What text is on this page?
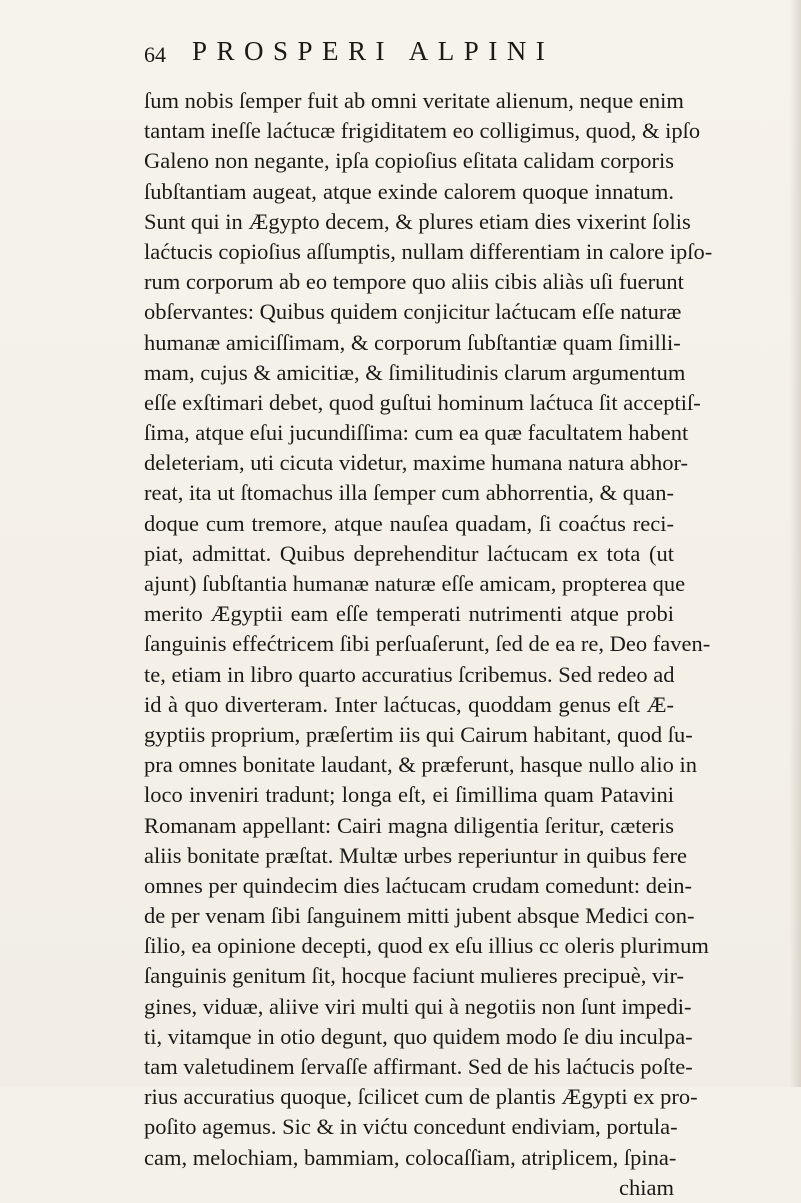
64 PROSPERI ALPINI
ſum nobis ſemper fuit ab omni veritate alienum, neque enim
tantam ineſſe laćtucæ frigiditatem eo colligimus, quod, & ipſo
Galeno non negante, ipſa copioſius eſitata calidam corporis
ſubſtantiam augeat, atque exinde calorem quoque innatum.
Sunt qui in Ægypto decem, & plures etiam dies vixerint ſolis
laćtucis copioſius aſſumptis, nullam differentiam in calore ipſo-
rum corporum ab eo tempore quo aliis cibis aliàs uſi fuerunt
obſervantes: Quibus quidem conjicitur laćtucam eſſe naturæ
humanæ amiciſſimam, & corporum ſubſtantiæ quam ſimilli-
mam, cujus & amicitiæ, & ſimilitudinis clarum argumentum
eſſe exſtimari debet, quod guſtui hominum laćtuca ſit acceptiſ-
ſima, atque eſui jucundiſſima: cum ea quæ facultatem habent
deleteriam, uti cicuta videtur, maxime humana natura abhor-
reat, ita ut ſtomachus illa ſemper cum abhorrentia, & quan-
doque cum tremore, atque nauſea quadam, ſi coaćtus reci-
piat, admittat. Quibus deprehenditur laćtucam ex tota (ut
ajunt) ſubſtantia humanæ naturæ eſſe amicam, propterea que
merito Ægyptii eam eſſe temperati nutrimenti atque probi
ſanguinis effećtricem ſibi perſuaſerunt, ſed de ea re, Deo faven-
te, etiam in libro quarto accuratius ſcribemus. Sed redeo ad
id à quo diverteram. Inter laćtucas, quoddam genus eſt Æ-
gyptiis proprium, præſertim iis qui Cairum habitant, quod ſu-
pra omnes bonitate laudant, & præferunt, hasque nullo alio in
loco inveniri tradunt; longa eſt, ei ſimillima quam Patavini
Romanam appellant: Cairi magna diligentia ſeritur, cæteris
aliis bonitate præſtat. Multæ urbes reperiuntur in quibus fere
omnes per quindecim dies laćtucam crudam comedunt: dein-
de per venam ſibi ſanguinem mitti jubent absque Medici con-
ſilio, ea opinione decepti, quod ex eſu illius cc oleris plurimum
ſanguinis genitum ſit, hocque faciunt mulieres precipuè, vir-
gines, viduæ, aliive viri multi qui à negotiis non ſunt impedi-
ti, vitamque in otio degunt, quo quidem modo ſe diu inculpa-
tam valetudinem ſervaſſe affirmant. Sed de his laćtucis poſte-
rius accuratius quoque, ſcilicet cum de plantis Ægypti ex pro-
poſito agemus. Sic & in vićtu concedunt endiviam, portula-
cam, melochiam, bammiam, colocaſſiam, atriplicem, ſpina-
chiam
